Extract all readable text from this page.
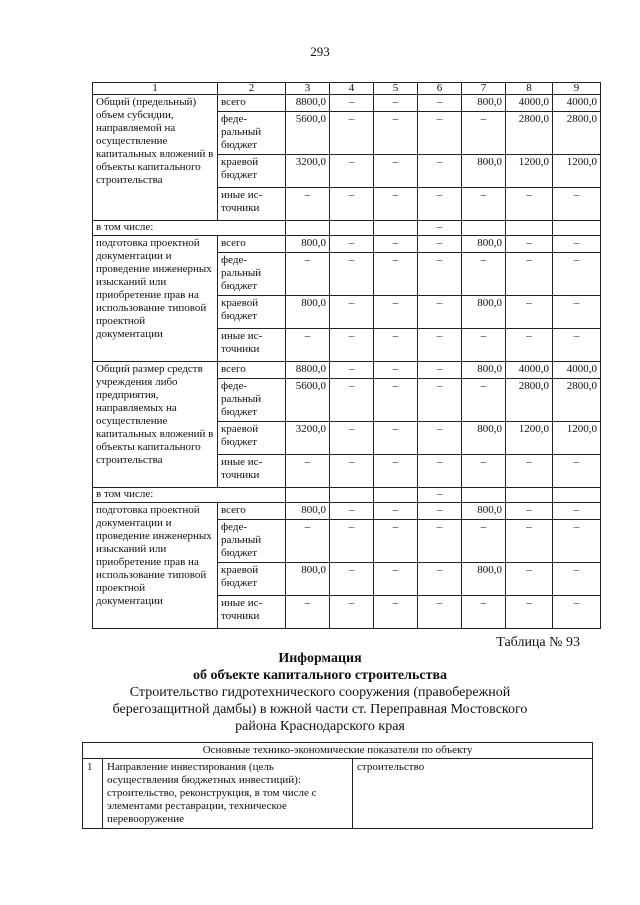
293
1	2	3	4	5	6	7	8	9
Общий (предельный) объем субсидии, направляемой на осуществление капитальных вложений в объекты капитального строительства	всего	8800,0	–	–	–	800,0	4000,0	4000,0
	феде-ральный бюджет	5600,0	–	–	–	–	2800,0	2800,0
	краевой бюджет	3200,0	–	–	–	800,0	1200,0	1200,0
	иные ис-точники	–	–	–	–	–	–	–
в том числе:					–			
подготовка проектной документации и проведение инженерных изысканий или приобретение прав на использование типовой проектной документации	всего	800,0	–	–	–	800,0	–	–
	феде-ральный бюджет	–	–	–	–	–	–	–
	краевой бюджет	800,0	–	–	–	800,0	–	–
	иные ис-точники	–	–	–	–	–	–	–
Общий размер средств учреждения либо предприятия, направляемых на осуществление капитальных вложений в объекты капитального строительства	всего	8800,0	–	–	–	800,0	4000,0	4000,0
	феде-ральный бюджет	5600,0	–	–	–	–	2800,0	2800,0
	краевой бюджет	3200,0	–	–	–	800,0	1200,0	1200,0
	иные ис-точники	–	–	–	–	–	–	–
в том числе:					–			
подготовка проектной документации и проведение инженерных изысканий или приобретение прав на использование типовой проектной документации	всего	800,0	–	–	–	800,0	–	–
	феде-ральный бюджет	–	–	–	–	–	–	–
	краевой бюджет	800,0	–	–	–	800,0	–	–
	иные ис-точники	–	–	–	–	–	–	–
Таблица № 93
Информация
об объекте капитального строительства
Строительство гидротехнического сооружения (правобережной
берегозащитной дамбы) в южной части ст. Переправная Мостовского
района Краснодарского края
Основные технико-экономические показатели по объекту
1	Направление инвестирования (цель осуществления бюджетных инвестиций): строительство, реконструкция, в том числе с элементами реставрации, техническое перевооружение	строительство
